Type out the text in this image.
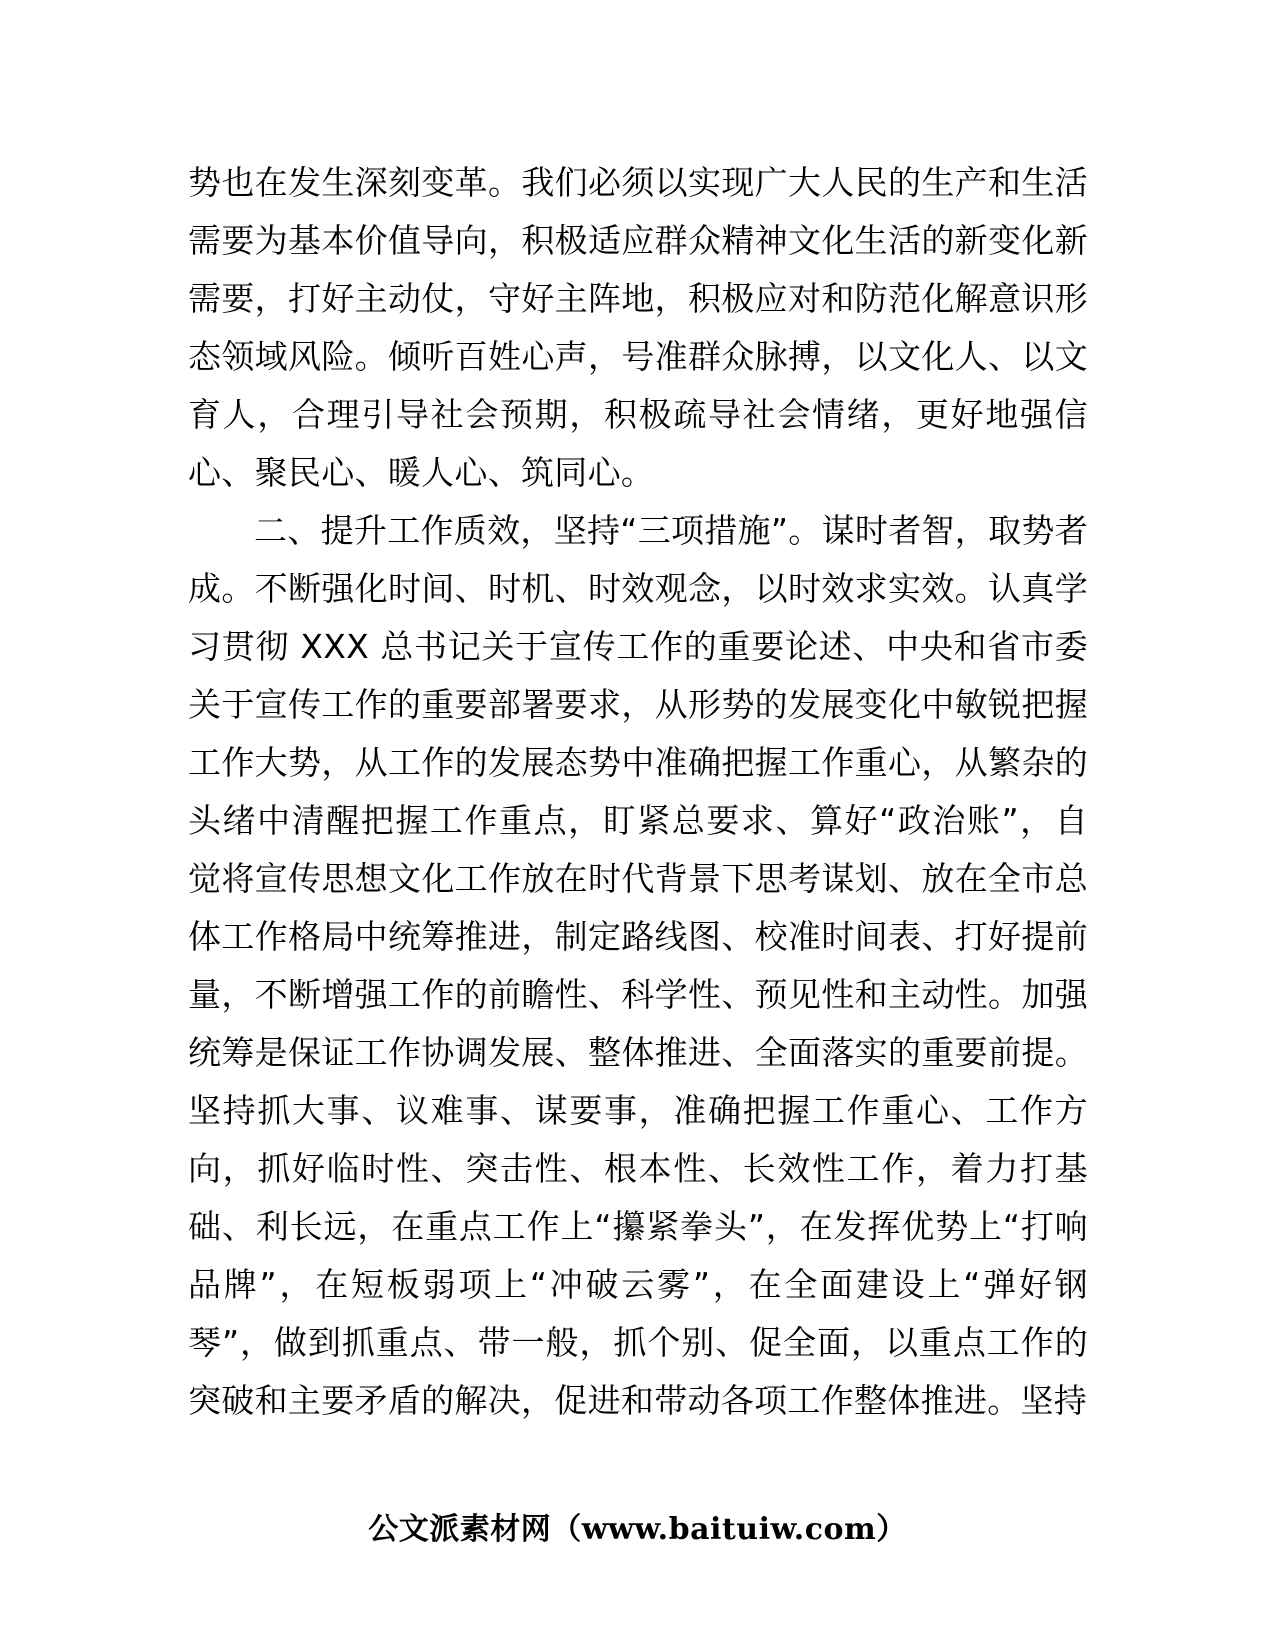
势也在发生深刻变革。我们必须以实现广大人民的生产和生活需要为基本价值导向，积极适应群众精神文化生活的新变化新需要，打好主动仗，守好主阵地，积极应对和防范化解意识形态领域风险。倾听百姓心声，号准群众脉搏，以文化人、以文育人，合理引导社会预期，积极疏导社会情绪，更好地强信心、聚民心、暖人心、筑同心。

二、提升工作质效，坚持“三项措施”。谋时者智，取势者成。不断强化时间、时机、时效观念，以时效求实效。认真学习贯彻 XXX 总书记关于宣传工作的重要论述、中央和省市委关于宣传工作的重要部署要求，从形势的发展变化中敏锐把握工作大势，从工作的发展态势中准确把握工作重心，从繁杂的头绪中清醒把握工作重点，盯紧总要求、算好“政治账”，自觉将宣传思想文化工作放在时代背景下思考谋划、放在全市总体工作格局中统筹推进，制定路线图、校准时间表、打好提前量，不断增强工作的前瞻性、科学性、预见性和主动性。加强统筹是保证工作协调发展、整体推进、全面落实的重要前提。坚持抓大事、议难事、谋要事，准确把握工作重心、工作方向，抓好临时性、突击性、根本性、长效性工作，着力打基础、利长远，在重点工作上“攥紧拳头”，在发挥优势上“打响品牌”，在短板弱项上“冲破云雾”，在全面建设上“弹好钢琴”，做到抓重点、带一般，抓个别、促全面，以重点工作的突破和主要矛盾的解决，促进和带动各项工作整体推进。坚持

公文派素材网（www.baituiw.com）
